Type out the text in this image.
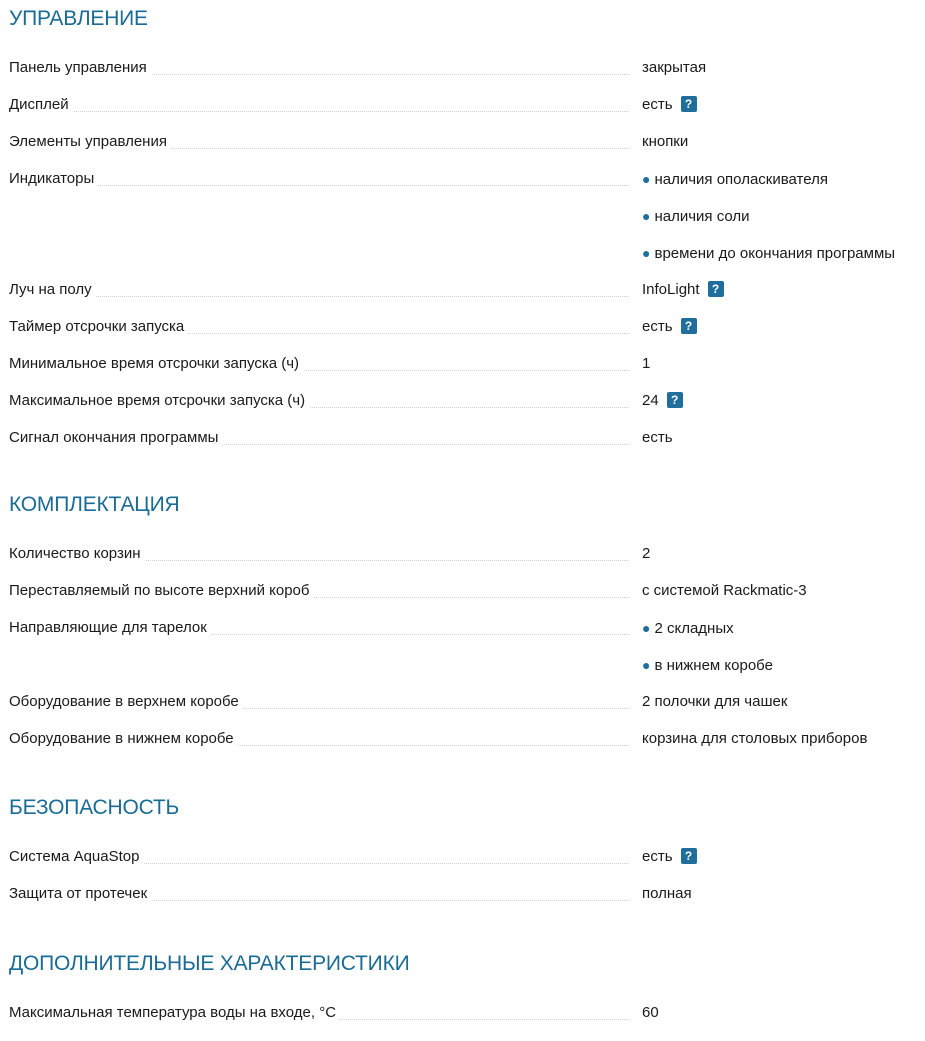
УПРАВЛЕНИЕ
Панель управления	закрытая
Дисплей	есть ?
Элементы управления	кнопки
Индикаторы	● наличия ополаскивателя
● наличия соли
● времени до окончания программы
Луч на полу	InfoLight ?
Таймер отсрочки запуска	есть ?
Минимальное время отсрочки запуска (ч)	1
Максимальное время отсрочки запуска (ч)	24 ?
Сигнал окончания программы	есть
КОМПЛЕКТАЦИЯ
Количество корзин	2
Переставляемый по высоте верхний короб	с системой Rackmatic-3
Направляющие для тарелок	● 2 складных
● в нижнем коробе
Оборудование в верхнем коробе	2 полочки для чашек
Оборудование в нижнем коробе	корзина для столовых приборов
БЕЗОПАСНОСТЬ
Система AquaStop	есть ?
Защита от протечек	полная
ДОПОЛНИТЕЛЬНЫЕ ХАРАКТЕРИСТИКИ
Максимальная температура воды на входе, °C	60
